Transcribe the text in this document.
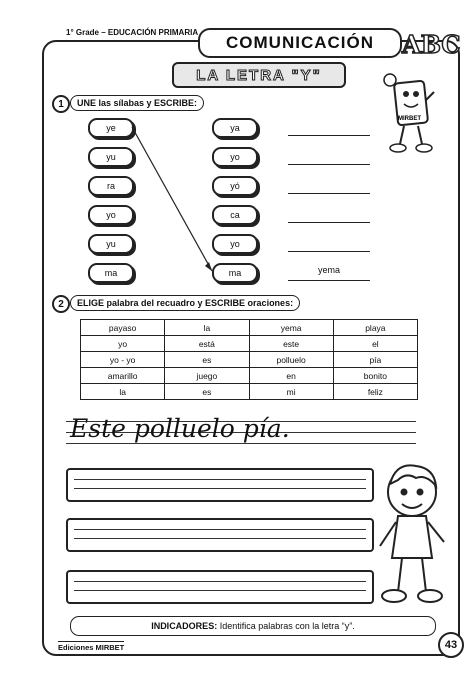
1° Grade – EDUCACIÓN PRIMARIA
COMUNICACIÓN	ABC
LA LETRA "Y"
MIRBET
1	UNE las sílabas y ESCRIBE:
ye
yu
ra
yo
yu
ma
ya
yo
yó
ca
yo
ma	yema
2	ELIGE palabra del recuadro y ESCRIBE oraciones:
payaso	la	yema	playa
yo	está	este	el
yo - yo	es	polluelo	pía
amarillo	juego	en	bonito
la	es	mi	feliz
Este polluelo pía.
INDICADORES:
Identifica palabras con la letra “y”.
Ediciones MIRBET	43
